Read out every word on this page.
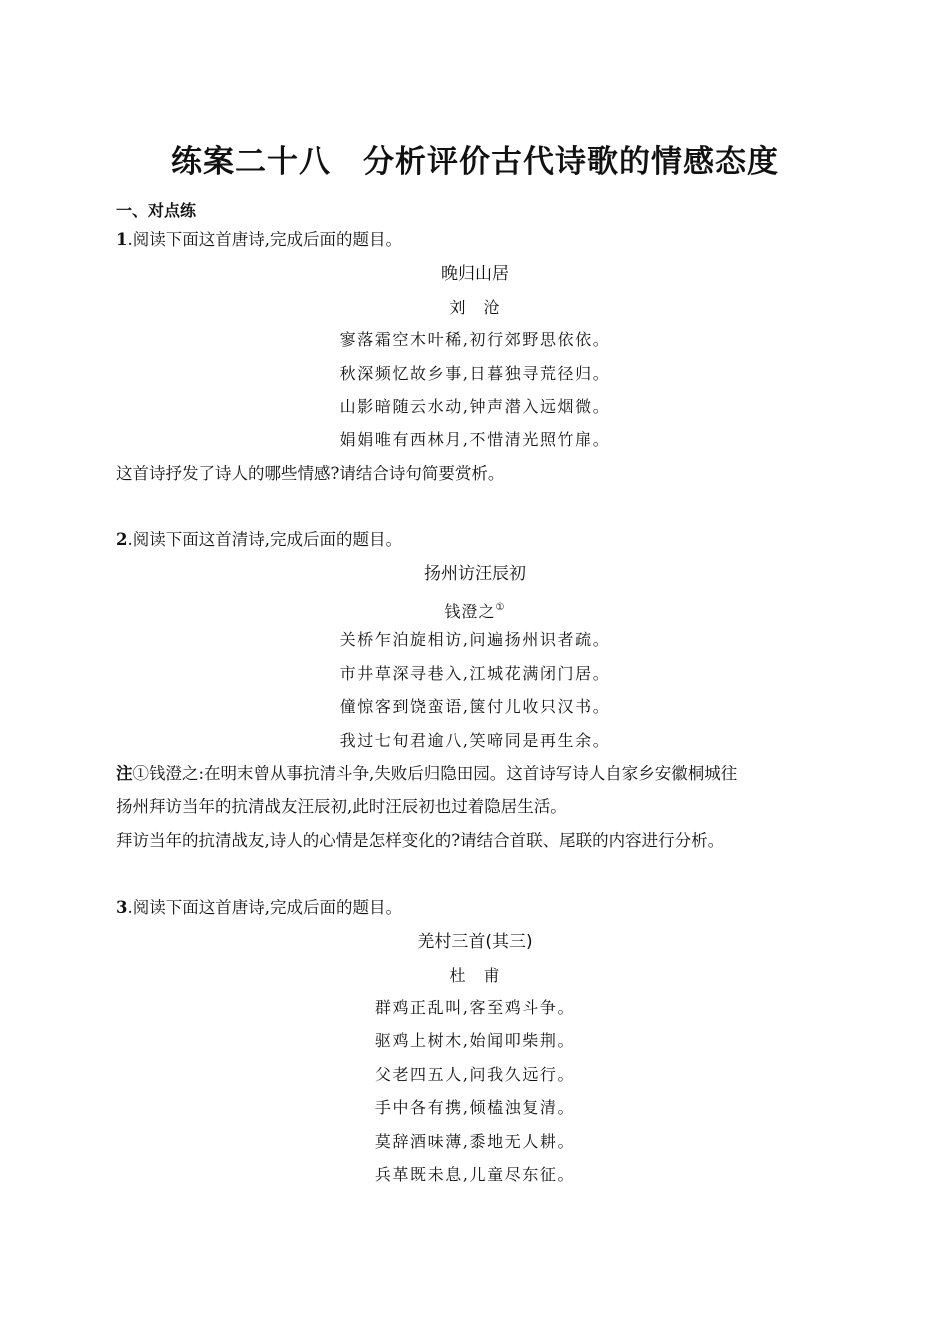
练案二十八　分析评价古代诗歌的情感态度
一、对点练
1.阅读下面这首唐诗,完成后面的题目。
晚归山居
刘　沧
寥落霜空木叶稀,初行郊野思依依。
秋深频忆故乡事,日暮独寻荒径归。
山影暗随云水动,钟声潜入远烟微。
娟娟唯有西林月,不惜清光照竹扉。
这首诗抒发了诗人的哪些情感?请结合诗句简要赏析。
2.阅读下面这首清诗,完成后面的题目。
扬州访汪辰初
钱澄之①
关桥乍泊旋相访,问遍扬州识者疏。
市井草深寻巷入,江城花满闭门居。
僮惊客到饶蛮语,箧付儿收只汉书。
我过七旬君逾八,笑啼同是再生余。
注①钱澄之:在明末曾从事抗清斗争,失败后归隐田园。这首诗写诗人自家乡安徽桐城往
扬州拜访当年的抗清战友汪辰初,此时汪辰初也过着隐居生活。
拜访当年的抗清战友,诗人的心情是怎样变化的?请结合首联、尾联的内容进行分析。
3.阅读下面这首唐诗,完成后面的题目。
羌村三首(其三)
杜　甫
群鸡正乱叫,客至鸡斗争。
驱鸡上树木,始闻叩柴荆。
父老四五人,问我久远行。
手中各有携,倾榼浊复清。
莫辞酒味薄,黍地无人耕。
兵革既未息,儿童尽东征。
